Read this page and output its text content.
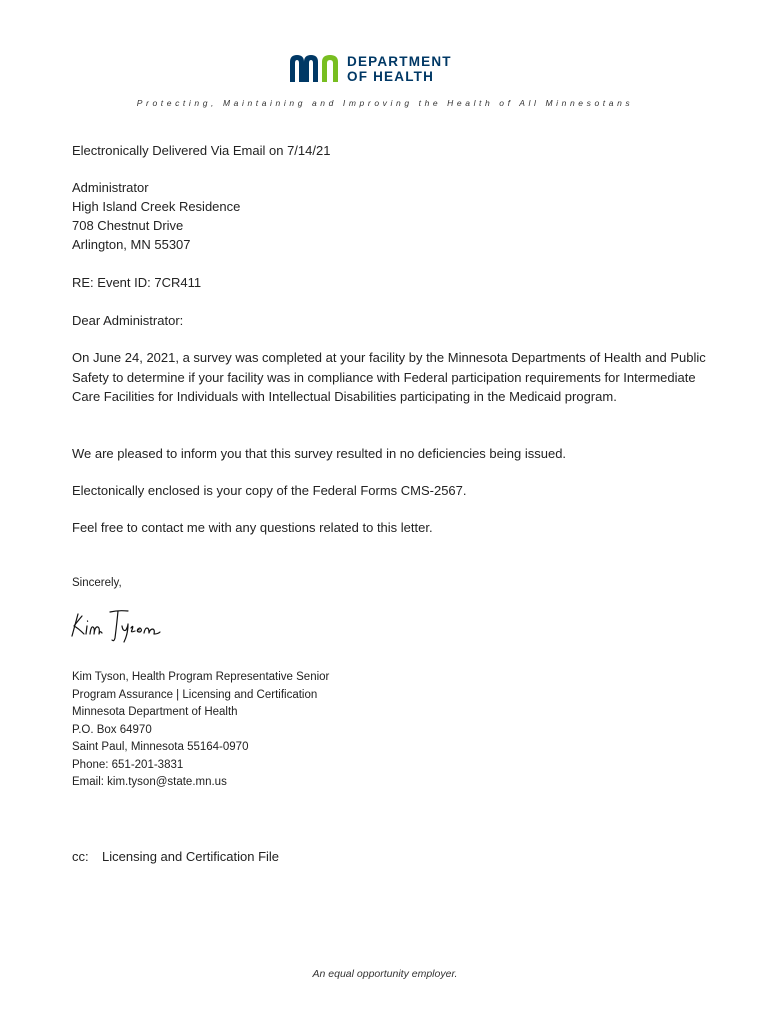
DEPARTMENT
OF HEALTH
Protecting, Maintaining and Improving the Health of All Minnesotans
Electronically Delivered Via Email on 7/14/21
Administrator
High Island Creek Residence
708 Chestnut Drive
Arlington, MN 55307
RE: Event ID: 7CR411
Dear Administrator:
On June 24, 2021, a survey was completed at your facility by the Minnesota Departments of Health and Public Safety to determine if your facility was in compliance with Federal participation requirements for Intermediate Care Facilities for Individuals with Intellectual Disabilities participating in the Medicaid program.
We are pleased to inform you that this survey resulted in no deficiencies being issued.
Electonically enclosed is your copy of the Federal Forms CMS-2567.
Feel free to contact me with any questions related to this letter.
Sincerely,
Kim Tyson, Health Program Representative Senior
Program Assurance | Licensing and Certification
Minnesota Department of Health
P.O. Box 64970
Saint Paul, Minnesota 55164-0970
Phone: 651-201-3831
Email: kim.tyson@state.mn.us
cc: Licensing and Certification File
An equal opportunity employer.
